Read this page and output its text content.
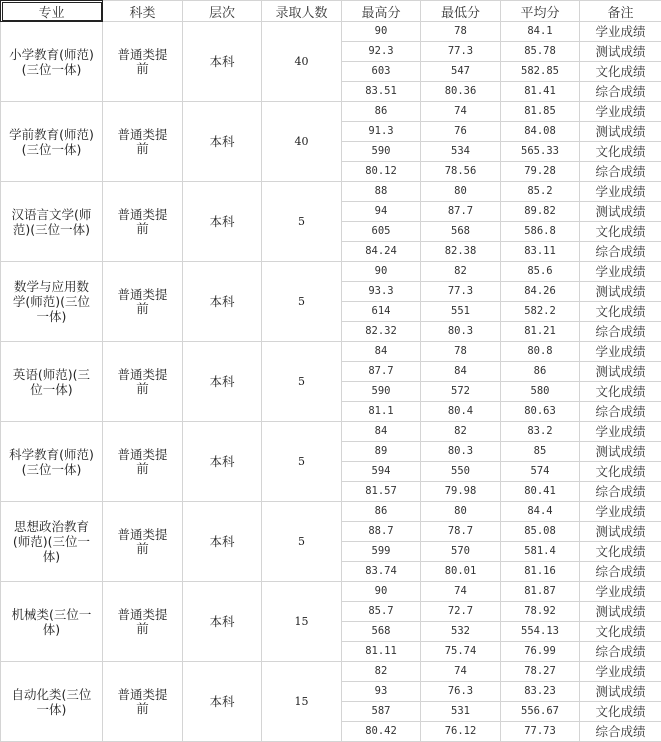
专业	科类	层次	录取人数	最高分	最低分	平均分	备注
小学教育(师范)(三位一体)	普通类提前	本科	40	90	78	84.1	学业成绩
				92.3	77.3	85.78	测试成绩
				603	547	582.85	文化成绩
				83.51	80.36	81.41	综合成绩
学前教育(师范)(三位一体)	普通类提前	本科	40	86	74	81.85	学业成绩
				91.3	76	84.08	测试成绩
				590	534	565.33	文化成绩
				80.12	78.56	79.28	综合成绩
汉语言文学(师范)(三位一体)	普通类提前	本科	5	88	80	85.2	学业成绩
				94	87.7	89.82	测试成绩
				605	568	586.8	文化成绩
				84.24	82.38	83.11	综合成绩
数学与应用数学(师范)(三位一体)	普通类提前	本科	5	90	82	85.6	学业成绩
				93.3	77.3	84.26	测试成绩
				614	551	582.2	文化成绩
				82.32	80.3	81.21	综合成绩
英语(师范)(三位一体)	普通类提前	本科	5	84	78	80.8	学业成绩
				87.7	84	86	测试成绩
				590	572	580	文化成绩
				81.1	80.4	80.63	综合成绩
科学教育(师范)(三位一体)	普通类提前	本科	5	84	82	83.2	学业成绩
				89	80.3	85	测试成绩
				594	550	574	文化成绩
				81.57	79.98	80.41	综合成绩
思想政治教育(师范)(三位一体)	普通类提前	本科	5	86	80	84.4	学业成绩
				88.7	78.7	85.08	测试成绩
				599	570	581.4	文化成绩
				83.74	80.01	81.16	综合成绩
机械类(三位一体)	普通类提前	本科	15	90	74	81.87	学业成绩
				85.7	72.7	78.92	测试成绩
				568	532	554.13	文化成绩
				81.11	75.74	76.99	综合成绩
自动化类(三位一体)	普通类提前	本科	15	82	74	78.27	学业成绩
				93	76.3	83.23	测试成绩
				587	531	556.67	文化成绩
				80.42	76.12	77.73	综合成绩
